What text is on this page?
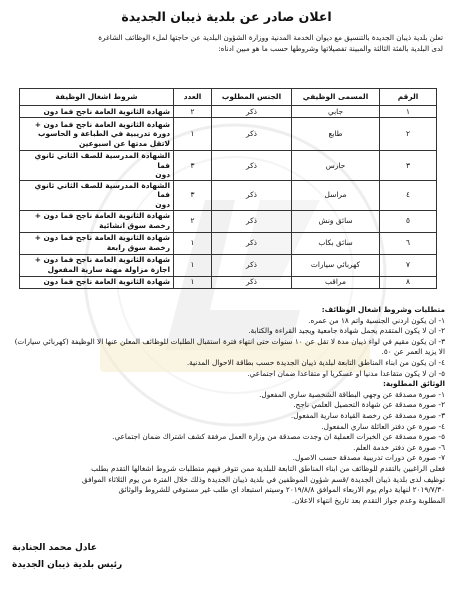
اعلان صادر عن بلدية ذيبان الجديدة
تعلن بلدية ذيبان الجديدة بالتنسيق مع ديوان الخدمة المدنية ووزارة الشؤون البلدية عن حاجتها لملء الوظائف الشاغرة
لدى البلدية بالفئة الثالثة والمبينة تفصيلاتها وشروطها حسب ما هو مبين ادناه:
الرقم	المسمى الوظيفي	الجنس المطلوب	العدد	شروط اشغال الوظيفة
١	جابي	ذكر	٢	شهادة الثانوية العامة ناجح فما دون

٢	طابع	ذكر	١	شهادة الثانوية العامة ناجح فما دون +
دورة تدريبية في الطباعة و الحاسوب
لاتقل مدتها عن اسبوعين

٣	حارس	ذكر	٣	الشهادة المدرسية للصف الثاني ثانوي فما
دون

٤	مراسل	ذكر	٣	الشهادة المدرسية للصف الثاني ثانوي فما
دون

٥	سائق ونش	ذكر	٢	شهادة الثانوية العامة ناجح فما دون +
رخصة سوق انشائية

٦	سائق بكاب	ذكر	١	شهادة الثانوية العامة ناجح فما دون +
رخصة سوق رابعة

٧	كهربائي سيارات	ذكر	١	شهادة الثانوية العامة ناجح فما دون +
اجازة مزاولة مهنة سارية المفعول

٨	مراقب	ذكر	١	شهادة الثانوية العامة ناجح فما دون
متطلبات وشروط اشغال الوظائف:
١- ان يكون اردني الجنسية واتم ١٨ من عمره.
٢- ان لا يكون المتقدم يحمل شهادة جامعية ويجيد القراءة والكتابة.
٣- ان يكون مقيم في لواء ذيبان مدة لا تقل عن ١٠ سنوات حتى انتهاء فترة استقبال الطلبات للوظائف المعلن عنها الا الوظيفة (كهربائي سيارات)
الا يزيد العمر عن ٥٠.
٤- ان يكون من ابناء المناطق التابعة لبلدية ذيبان الجديدة حسب بطاقة الاحوال المدنية.
٥- ان لا يكون متقاعدا مدنيا او عسكريا او متقاعدا ضمان اجتماعي.
الوثائق المطلوبة:
١- صورة مصدقة عن وجهي البطاقة الشخصية ساري المفعول.
٢- صورة مصدقة عن شهادة التحصيل العلمي ناجح.
٣- صورة مصدقة عن رخصة القيادة سارية المفعول.
٤- صورة عن دفتر العائلة ساري المفعول.
٥- صورة مصدقة عن الخبرات العملية ان وجدت مصدقة من وزارة العمل مرفقة كشف اشتراك ضمان اجتماعي.
٦- صورة عن دفتر خدمة العلم.
٧- صورة عن دورات تدريبية مصدقة حسب الاصول.
فعلى الراغبين بالتقدم للوظائف من ابناء المناطق التابعة للبلدية ممن تتوفر فيهم متطلبات شروط اشغالها التقدم بطلب
توظيف لدى بلدية ذيبان الجديدة /قسم شؤون الموظفين في بلدية ذيبان الجديدة وذلك خلال الفترة من يوم الثلاثاء الموافق
٢٠١٩/٧/٣٠ لنهاية دوام يوم الاربعاء الموافق ٢٠١٩/٨/٨ وسيتم استبعاد اي طلب غير مستوفي للشروط والوثائق
المطلوبة وعدم جواز التقدم بعد تاريخ انتهاء الاعلان.
عادل محمد الجنادبة
رئيس بلدية ذيبان الجديدة
